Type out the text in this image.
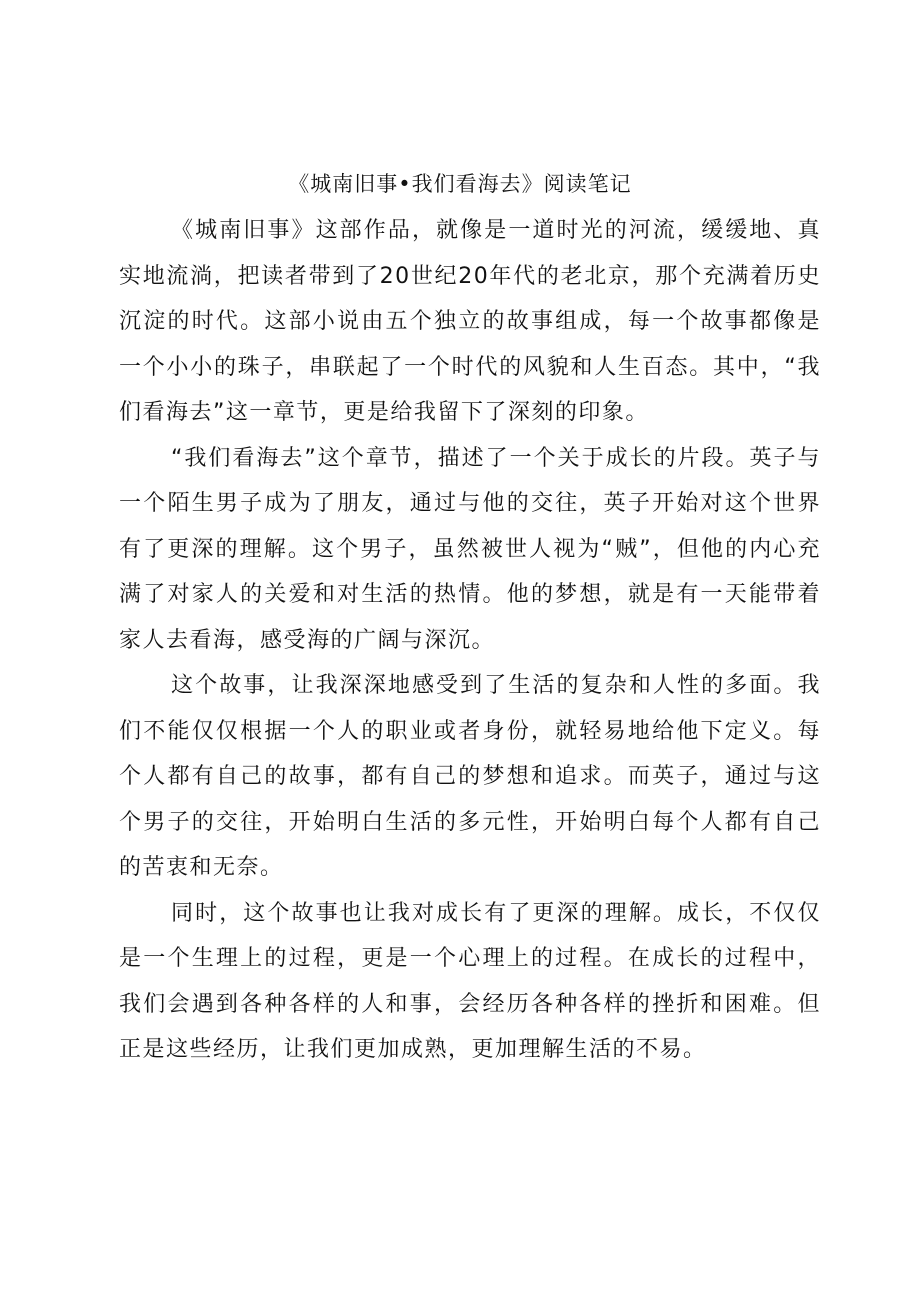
《城南旧事•我们看海去》阅读笔记

《城南旧事》这部作品，就像是一道时光的河流，缓缓地、真实地流淌，把读者带到了20世纪20年代的老北京，那个充满着历史沉淀的时代。这部小说由五个独立的故事组成，每一个故事都像是一个小小的珠子，串联起了一个时代的风貌和人生百态。其中，“我们看海去”这一章节，更是给我留下了深刻的印象。

“我们看海去”这个章节，描述了一个关于成长的片段。英子与一个陌生男子成为了朋友，通过与他的交往，英子开始对这个世界有了更深的理解。这个男子，虽然被世人视为“贼”，但他的内心充满了对家人的关爱和对生活的热情。他的梦想，就是有一天能带着家人去看海，感受海的广阔与深沉。

这个故事，让我深深地感受到了生活的复杂和人性的多面。我们不能仅仅根据一个人的职业或者身份，就轻易地给他下定义。每个人都有自己的故事，都有自己的梦想和追求。而英子，通过与这个男子的交往，开始明白生活的多元性，开始明白每个人都有自己的苦衷和无奈。

同时，这个故事也让我对成长有了更深的理解。成长，不仅仅是一个生理上的过程，更是一个心理上的过程。在成长的过程中，我们会遇到各种各样的人和事，会经历各种各样的挫折和困难。但正是这些经历，让我们更加成熟，更加理解生活的不易。
